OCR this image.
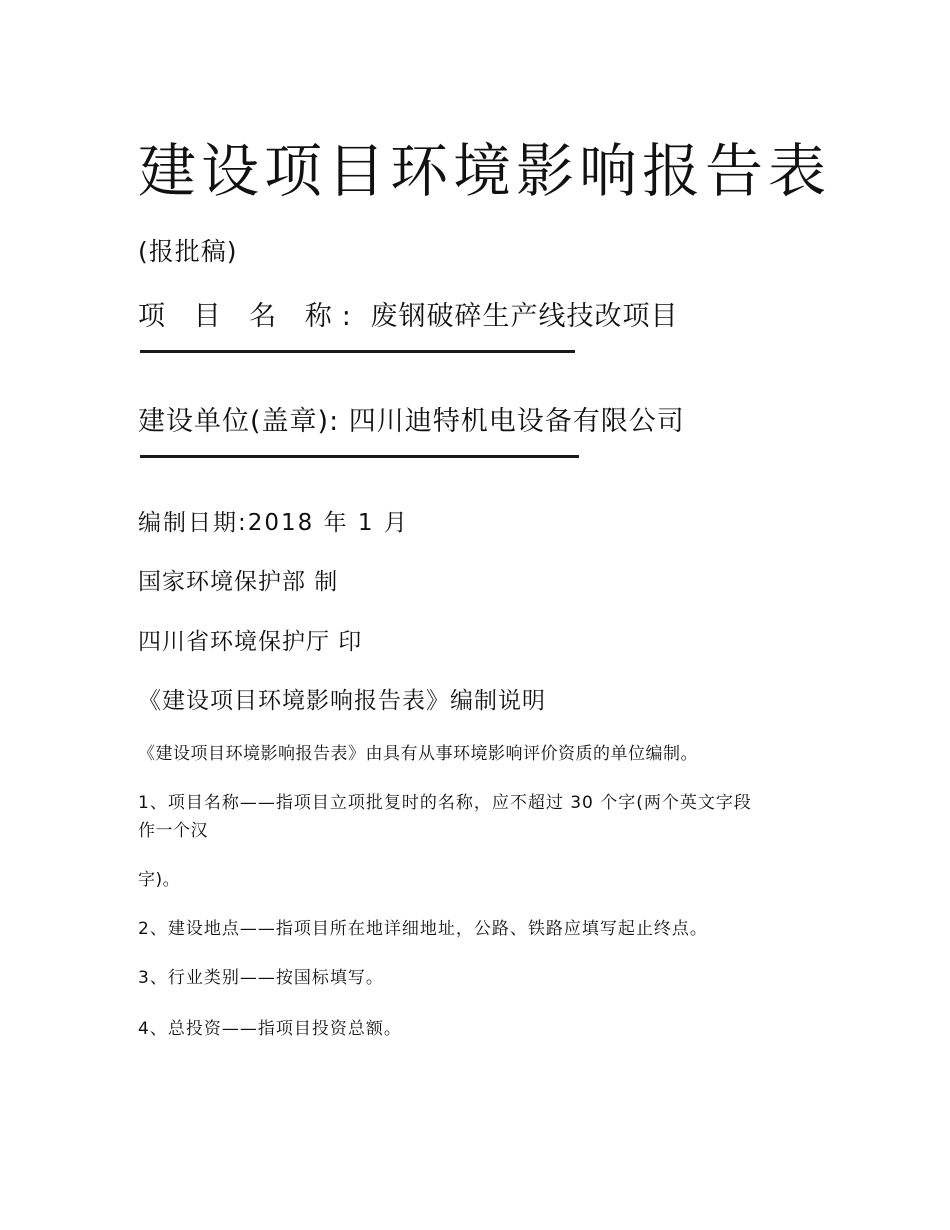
建设项目环境影响报告表
(报批稿)
项 目 名 称: 废钢破碎生产线技改项目
建设单位(盖章): 四川迪特机电设备有限公司
编制日期:2018 年 1 月
国家环境保护部 制
四川省环境保护厅 印
《建设项目环境影响报告表》编制说明
《建设项目环境影响报告表》由具有从事环境影响评价资质的单位编制。
1、项目名称——指项目立项批复时的名称，应不超过 30 个字(两个英文字段
作一个汉
字)。
2、建设地点——指项目所在地详细地址，公路、铁路应填写起止终点。
3、行业类别——按国标填写。
4、总投资——指项目投资总额。
